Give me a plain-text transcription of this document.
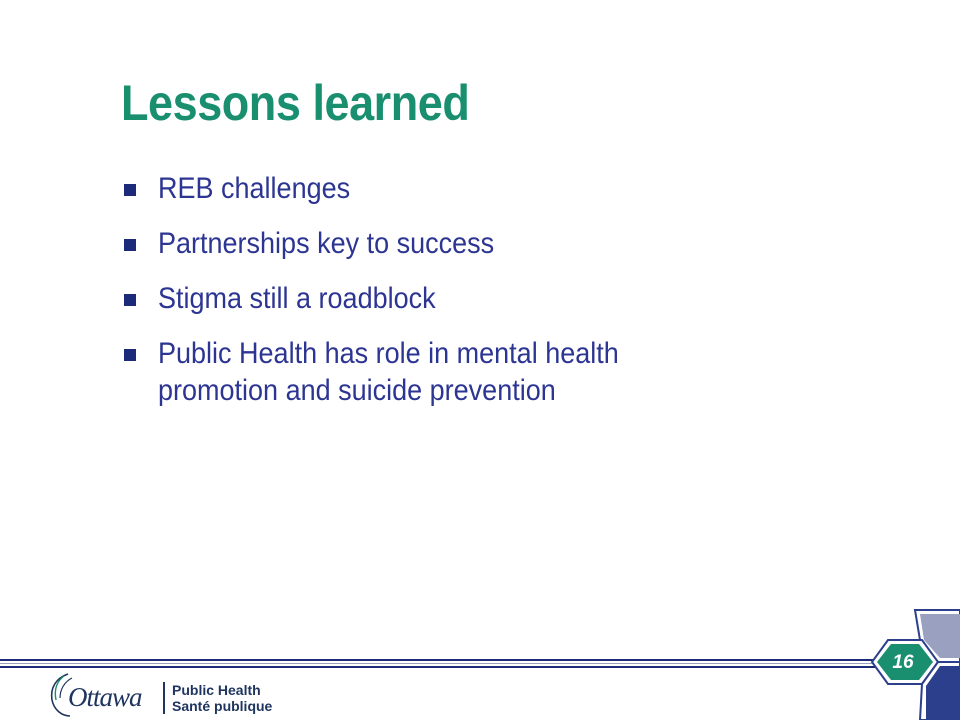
Lessons learned
REB challenges
Partnerships key to success
Stigma still a roadblock
Public Health has role in mental health promotion and suicide prevention
16
Ottawa Public Health
Santé publique
